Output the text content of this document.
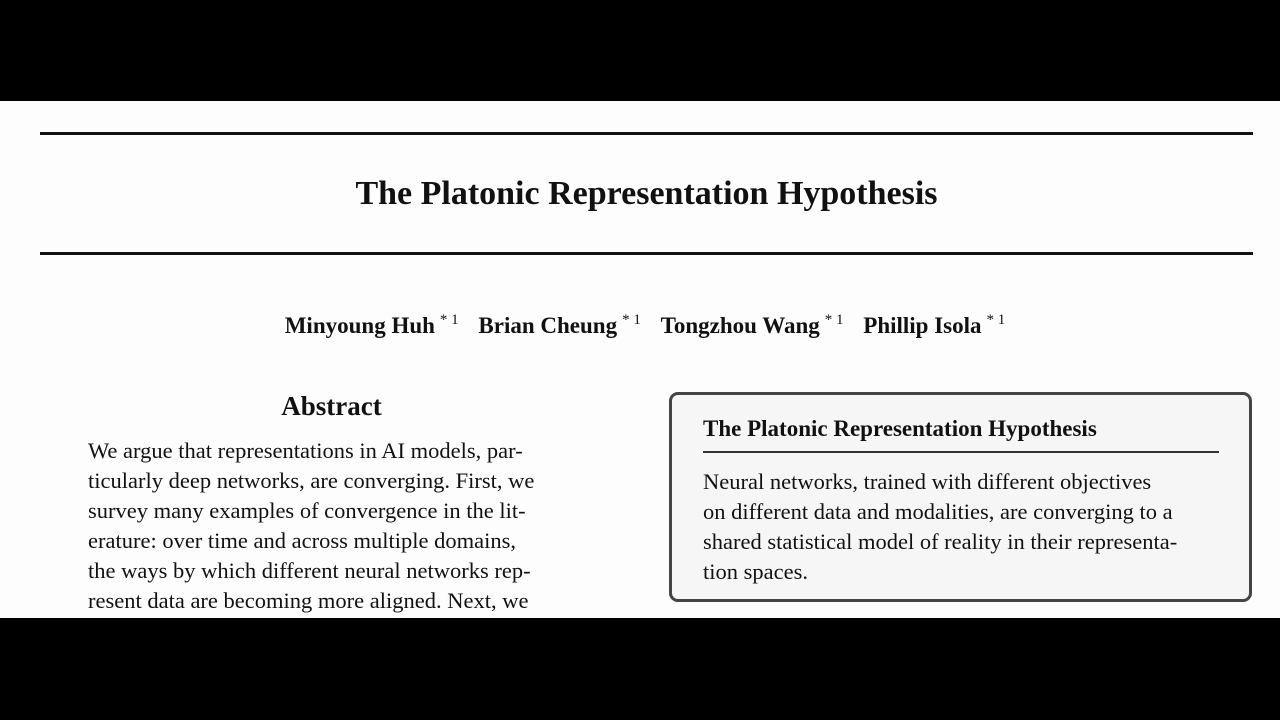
The Platonic Representation Hypothesis
Minyoung Huh $^{* 1}$ Brian Cheung $^{* 1}$ Tongzhou Wang $^{* 1}$ Phillip Isola $^{* 1}$
Abstract
We argue that representations in AI models, par-
ticularly deep networks, are converging. First, we
survey many examples of convergence in the lit-
erature: over time and across multiple domains,
the ways by which different neural networks rep-
resent data are becoming more aligned. Next, we
The Platonic Representation Hypothesis
Neural networks, trained with different objectives
on different data and modalities, are converging to a
shared statistical model of reality in their representa-
tion spaces.
